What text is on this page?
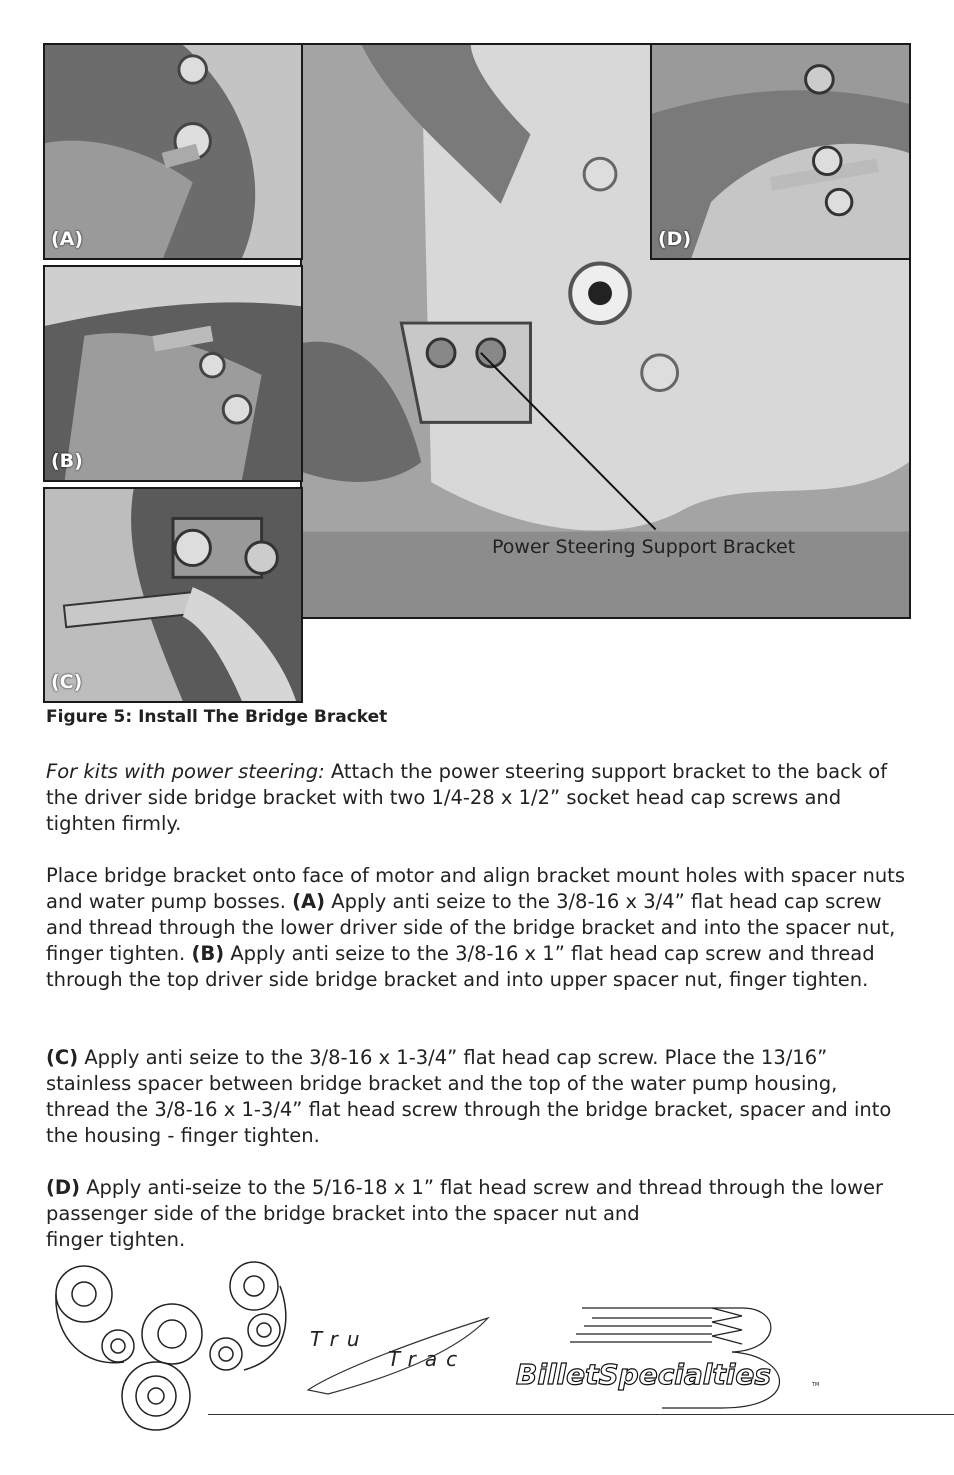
Power Steering Support Bracket
(A)
(B)
(C)
(D)
Figure 5: Install The Bridge Bracket

For kits with power steering: Attach the power steering support bracket to the back of the driver side bridge bracket with two 1/4-28 x 1/2” socket head cap screws and tighten firmly.

Place bridge bracket onto face of motor and align bracket mount holes with spacer nuts and water pump bosses. (A) Apply anti seize to the 3/8-16 x 3/4” flat head cap screw and thread through the lower driver side of the bridge bracket and into the spacer nut, finger tighten. (B) Apply anti seize to the 3/8-16 x 1” flat head cap screw and thread through the top driver side bridge bracket and into upper spacer nut, finger tighten.

(C) Apply anti seize to the 3/8-16 x 1-3/4” flat head cap screw. Place the 13/16” stainless spacer between bridge bracket and the top of the water pump housing, thread the 3/8-16 x 1-3/4” flat head screw through the bridge bracket, spacer and into the housing - finger tighten.

(D) Apply anti-seize to the 5/16-18 x 1” flat head screw and thread through the lower passenger side of the bridge bracket into the spacer nut and
finger tighten.

Tru
Trac BilletSpecialties	TM
